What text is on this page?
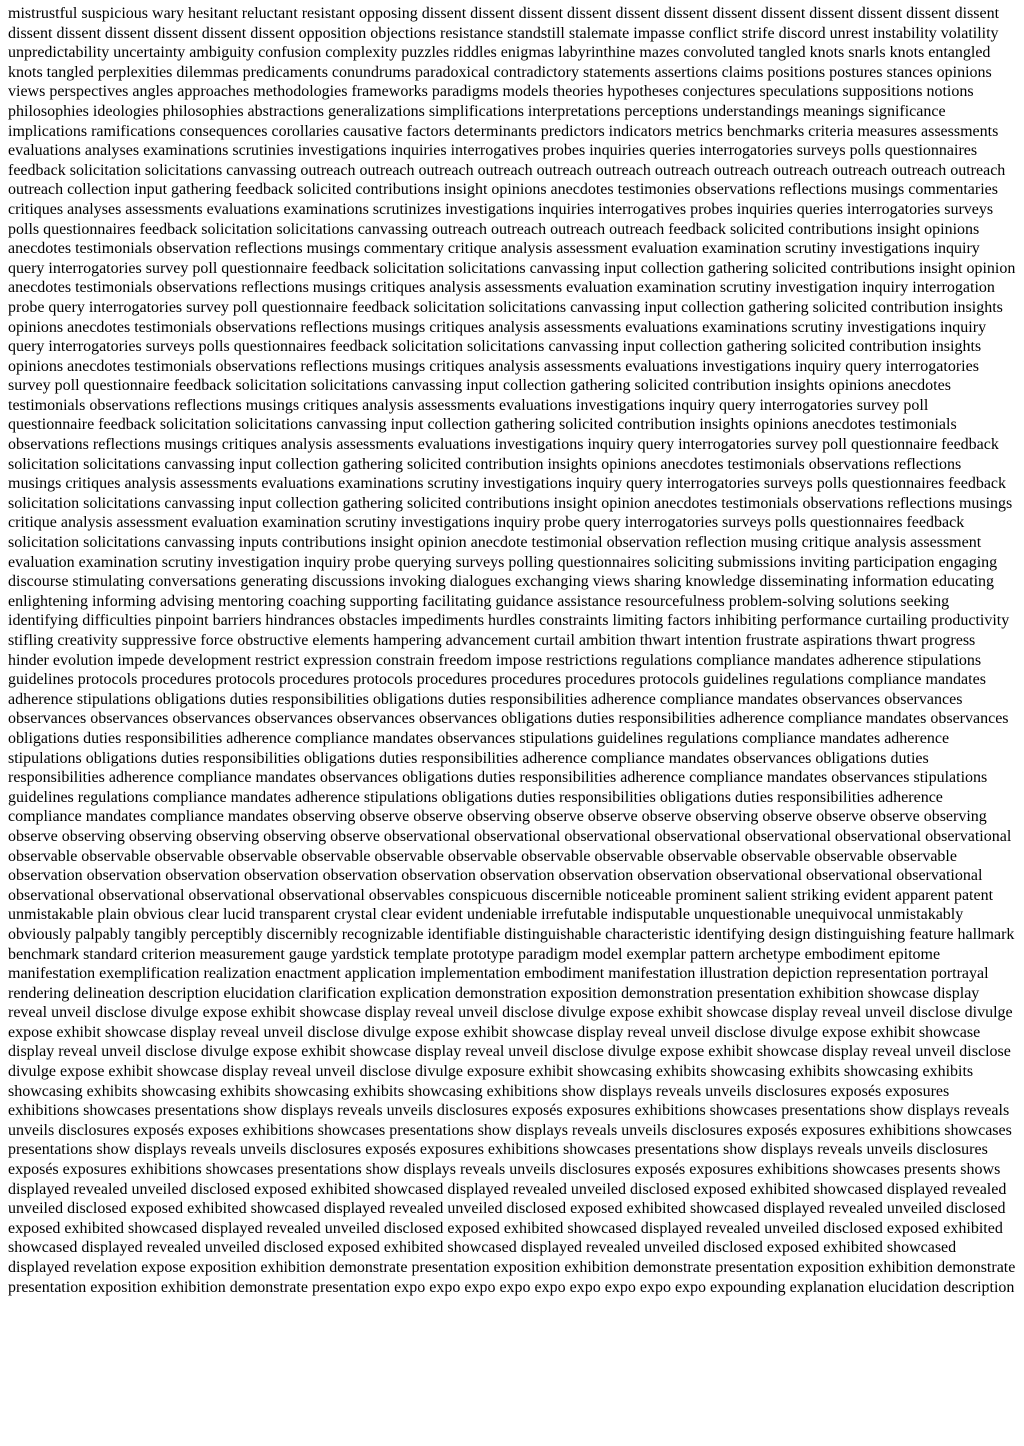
mistrustful suspicious wary hesitant reluctant resistant opposing dissent dissent dissent dissent dissent dissent dissent dissent dissent dissent dissent dissent dissent dissent dissent dissent dissent dissent opposition objections resistance standstill stalemate impasse conflict strife discord unrest instability volatility unpredictability uncertainty ambiguity confusion complexity puzzles riddles enigmas labyrinthine mazes convoluted tangled knots snarls knots entangled knots tangled perplexities dilemmas predicaments conundrums paradoxical contradictory statements assertions claims positions postures stances opinions views perspectives angles approaches methodologies frameworks paradigms models theories hypotheses conjectures speculations suppositions notions philosophies ideologies philosophies abstractions generalizations simplifications interpretations perceptions understandings meanings significance implications ramifications consequences corollaries causative factors determinants predictors indicators metrics benchmarks criteria measures assessments evaluations analyses examinations scrutinies investigations inquiries interrogatives probes inquiries queries interrogatories surveys polls questionnaires feedback solicitation solicitations canvassing outreach outreach outreach outreach outreach outreach outreach outreach outreach outreach outreach outreach outreach collection input gathering feedback solicited contributions insight opinions anecdotes testimonies observations reflections musings commentaries critiques analyses assessments evaluations examinations scrutinizes investigations inquiries interrogatives probes inquiries queries interrogatories surveys polls questionnaires feedback solicitation solicitations canvassing outreach outreach outreach outreach feedback solicited contributions insight opinions anecdotes testimonials observation reflections musings commentary critique analysis assessment evaluation examination scrutiny investigations inquiry query interrogatories survey poll questionnaire feedback solicitation solicitations canvassing input collection gathering solicited contributions insight opinion anecdotes testimonials observations reflections musings critiques analysis assessments evaluation examination scrutiny investigation inquiry interrogation probe query interrogatories survey poll questionnaire feedback solicitation solicitations canvassing input collection gathering solicited contribution insights opinions anecdotes testimonials observations reflections musings critiques analysis assessments evaluations examinations scrutiny investigations inquiry query interrogatories surveys polls questionnaires feedback solicitation solicitations canvassing input collection gathering solicited contribution insights opinions anecdotes testimonials observations reflections musings critiques analysis assessments evaluations investigations inquiry query interrogatories survey poll questionnaire feedback solicitation solicitations canvassing input collection gathering solicited contribution insights opinions anecdotes testimonials observations reflections musings critiques analysis assessments evaluations investigations inquiry query interrogatories survey poll questionnaire feedback solicitation solicitations canvassing input collection gathering solicited contribution insights opinions anecdotes testimonials observations reflections musings critiques analysis assessments evaluations investigations inquiry query interrogatories survey poll questionnaire feedback solicitation solicitations canvassing input collection gathering solicited contribution insights opinions anecdotes testimonials observations reflections musings critiques analysis assessments evaluations examinations scrutiny investigations inquiry query interrogatories surveys polls questionnaires feedback solicitation solicitations canvassing input collection gathering solicited contributions insight opinion anecdotes testimonials observations reflections musings critique analysis assessment evaluation examination scrutiny investigations inquiry probe query interrogatories surveys polls questionnaires feedback solicitation solicitations canvassing inputs contributions insight opinion anecdote testimonial observation reflection musing critique analysis assessment evaluation examination scrutiny investigation inquiry probe querying surveys polling questionnaires soliciting submissions inviting participation engaging discourse stimulating conversations generating discussions invoking dialogues exchanging views sharing knowledge disseminating information educating enlightening informing advising mentoring coaching supporting facilitating guidance assistance resourcefulness problem-solving solutions seeking identifying difficulties pinpoint barriers hindrances obstacles impediments hurdles constraints limiting factors inhibiting performance curtailing productivity stifling creativity suppressive force obstructive elements hampering advancement curtail ambition thwart intention frustrate aspirations thwart progress hinder evolution impede development restrict expression constrain freedom impose restrictions regulations compliance mandates adherence stipulations guidelines protocols procedures protocols procedures protocols procedures procedures procedures protocols guidelines regulations compliance mandates adherence stipulations obligations duties responsibilities obligations duties responsibilities adherence compliance mandates observances observances observances observances observances observances observances observances obligations duties responsibilities adherence compliance mandates observances obligations duties responsibilities adherence compliance mandates observances stipulations guidelines regulations compliance mandates adherence stipulations obligations duties responsibilities obligations duties responsibilities adherence compliance mandates observances obligations duties responsibilities adherence compliance mandates observances obligations duties responsibilities adherence compliance mandates observances stipulations guidelines regulations compliance mandates adherence stipulations obligations duties responsibilities obligations duties responsibilities adherence compliance mandates compliance mandates observing observe observe observing observe observe observe observing observe observe observe observing observe observing observing observing observing observe observational observational observational observational observational observational observational observable observable observable observable observable observable observable observable observable observable observable observable observable observation observation observation observation observation observation observation observation observation observational observational observational observational observational observational observational observables conspicuous discernible noticeable prominent salient striking evident apparent patent unmistakable plain obvious clear lucid transparent crystal clear evident undeniable irrefutable indisputable unquestionable unequivocal unmistakably obviously palpably tangibly perceptibly discernibly recognizable identifiable distinguishable characteristic identifying design distinguishing feature hallmark benchmark standard criterion measurement gauge yardstick template prototype paradigm model exemplar pattern archetype embodiment epitome manifestation exemplification realization enactment application implementation embodiment manifestation illustration depiction representation portrayal rendering delineation description elucidation clarification explication demonstration exposition demonstration presentation exhibition showcase display reveal unveil disclose divulge expose exhibit showcase display reveal unveil disclose divulge expose exhibit showcase display reveal unveil disclose divulge expose exhibit showcase display reveal unveil disclose divulge expose exhibit showcase display reveal unveil disclose divulge expose exhibit showcase display reveal unveil disclose divulge expose exhibit showcase display reveal unveil disclose divulge expose exhibit showcase display reveal unveil disclose divulge expose exhibit showcase display reveal unveil disclose divulge exposure exhibit showcasing exhibits showcasing exhibits showcasing exhibits showcasing exhibits showcasing exhibits showcasing exhibits showcasing exhibitions show displays reveals unveils disclosures exposés exposures exhibitions showcases presentations show displays reveals unveils disclosures exposés exposures exhibitions showcases presentations show displays reveals unveils disclosures exposés exposes exhibitions showcases presentations show displays reveals unveils disclosures exposés exposures exhibitions showcases presentations show displays reveals unveils disclosures exposés exposures exhibitions showcases presentations show displays reveals unveils disclosures exposés exposures exhibitions showcases presentations show displays reveals unveils disclosures exposés exposures exhibitions showcases presents shows displayed revealed unveiled disclosed exposed exhibited showcased displayed revealed unveiled disclosed exposed exhibited showcased displayed revealed unveiled disclosed exposed exhibited showcased displayed revealed unveiled disclosed exposed exhibited showcased displayed revealed unveiled disclosed exposed exhibited showcased displayed revealed unveiled disclosed exposed exhibited showcased displayed revealed unveiled disclosed exposed exhibited showcased displayed revealed unveiled disclosed exposed exhibited showcased displayed revealed unveiled disclosed exposed exhibited showcased displayed revelation expose exposition exhibition demonstrate presentation exposition exhibition demonstrate presentation exposition exhibition demonstrate presentation exposition exhibition demonstrate presentation expo expo expo expo expo expo expo expo expo expounding explanation elucidation description
